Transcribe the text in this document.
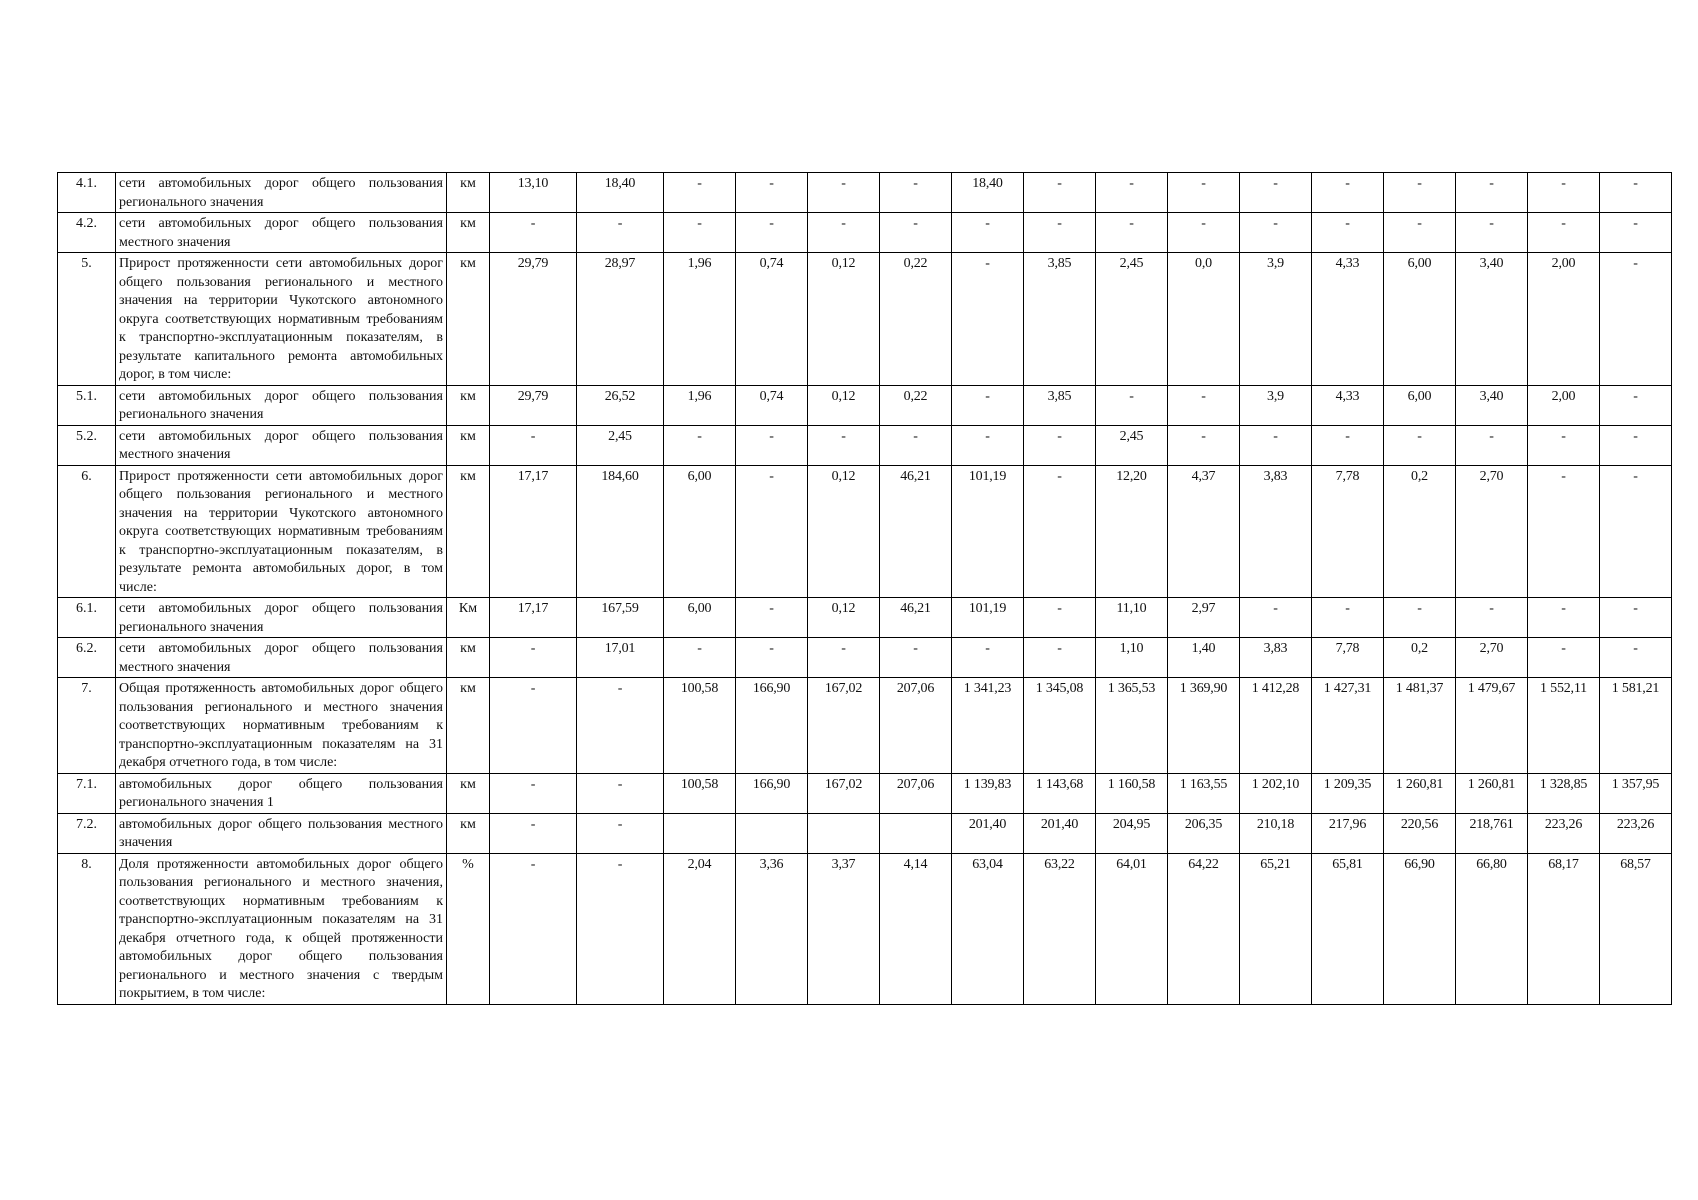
4.1.	сети автомобильных дорог общего пользования регионального значения	км	13,10	18,40	-	-	-	-	18,40	-	-	-	-	-	-	-	-	-
4.2.	сети автомобильных дорог общего пользования местного значения	км	-	-	-	-	-	-	-	-	-	-	-	-	-	-	-	-
5.	Прирост протяженности сети автомобильных дорог общего пользования регионального и местного значения на территории Чукотского автономного округа соответствующих нормативным требованиям к транспортно-эксплуатационным показателям, в результате капитального ремонта автомобильных дорог, в том числе:	км	29,79	28,97	1,96	0,74	0,12	0,22	-	3,85	2,45	0,0	3,9	4,33	6,00	3,40	2,00	-
5.1.	сети автомобильных дорог общего пользования регионального значения	км	29,79	26,52	1,96	0,74	0,12	0,22	-	3,85	-	-	3,9	4,33	6,00	3,40	2,00	-
5.2.	сети автомобильных дорог общего пользования местного значения	км	-	2,45	-	-	-	-	-	-	2,45	-	-	-	-	-	-	-
6.	Прирост протяженности сети автомобильных дорог общего пользования регионального и местного значения на территории Чукотского автономного округа соответствующих нормативным требованиям к транспортно-эксплуатационным показателям, в результате ремонта автомобильных дорог, в том числе:	км	17,17	184,60	6,00	-	0,12	46,21	101,19	-	12,20	4,37	3,83	7,78	0,2	2,70	-	-
6.1.	сети автомобильных дорог общего пользования регионального значения	Км	17,17	167,59	6,00	-	0,12	46,21	101,19	-	11,10	2,97	-	-	-	-	-	-
6.2.	сети автомобильных дорог общего пользования местного значения	км	-	17,01	-	-	-	-	-	-	1,10	1,40	3,83	7,78	0,2	2,70	-	-
7.	Общая протяженность автомобильных дорог общего пользования регионального и местного значения соответствующих нормативным требованиям к транспортно-эксплуатационным показателям на 31 декабря отчетного года, в том числе:	км	-	-	100,58	166,90	167,02	207,06	1 341,23	1 345,08	1 365,53	1 369,90	1 412,28	1 427,31	1 481,37	1 479,67	1 552,11	1 581,21
7.1.	автомобильных дорог общего пользования регионального значения 1	км	-	-	100,58	166,90	167,02	207,06	1 139,83	1 143,68	1 160,58	1 163,55	1 202,10	1 209,35	1 260,81	1 260,81	1 328,85	1 357,95
7.2.	автомобильных дорог общего пользования местного значения	км	-	-					201,40	201,40	204,95	206,35	210,18	217,96	220,56	218,761	223,26	223,26
8.	Доля протяженности автомобильных дорог общего пользования регионального и местного значения, соответствующих нормативным требованиям к транспортно-эксплуатационным показателям на 31 декабря отчетного года, к общей протяженности автомобильных дорог общего пользования регионального и местного значения с твердым покрытием, в том числе:	%	-	-	2,04	3,36	3,37	4,14	63,04	63,22	64,01	64,22	65,21	65,81	66,90	66,80	68,17	68,57
